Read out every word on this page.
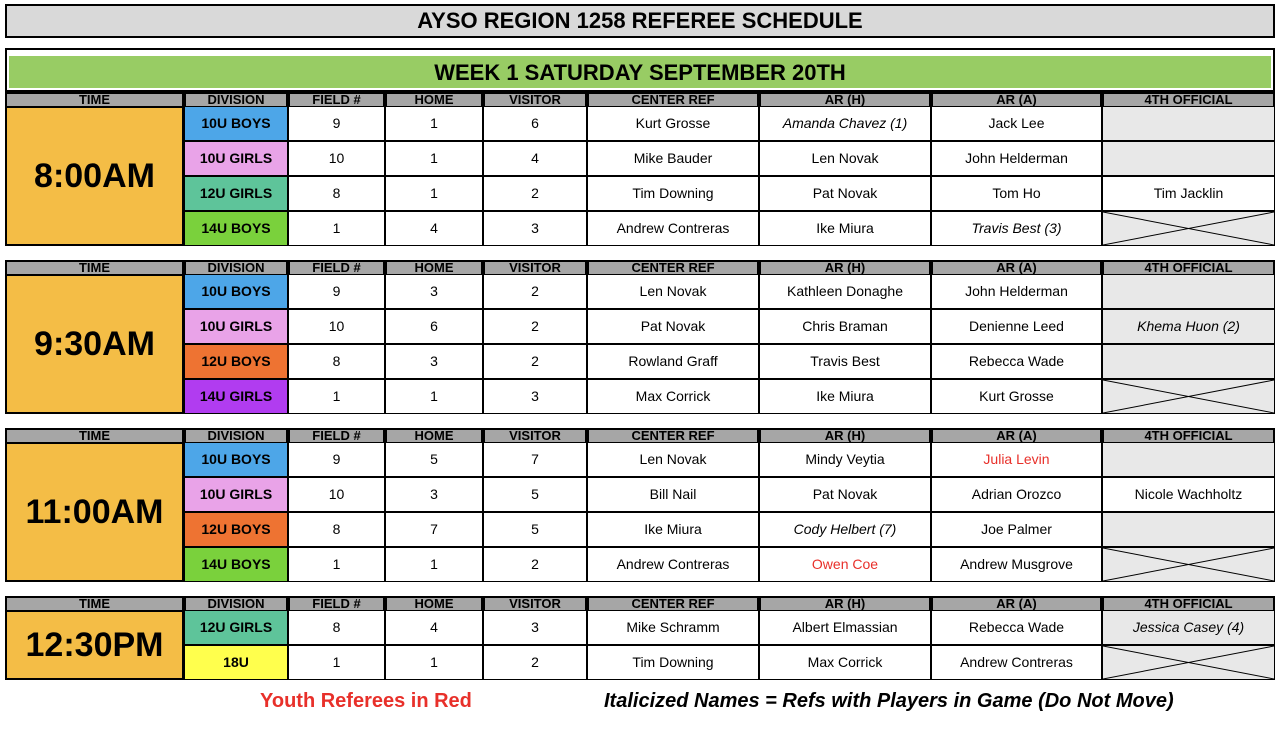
AYSO REGION 1258 REFEREE SCHEDULE
WEEK 1 SATURDAY SEPTEMBER 20TH
TIME	DIVISION	FIELD #	HOME	VISITOR	CENTER REF	AR (H)	AR (A)	4TH OFFICIAL
8:00AM
10U BOYS	9	1	6	Kurt Grosse	Amanda Chavez (1)	Jack Lee
10U GIRLS	10	1	4	Mike Bauder	Len Novak	John Helderman
12U GIRLS	8	1	2	Tim Downing	Pat Novak	Tom Ho	Tim Jacklin
14U BOYS	1	4	3	Andrew Contreras	Ike Miura	Travis Best (3)
TIME	DIVISION	FIELD #	HOME	VISITOR	CENTER REF	AR (H)	AR (A)	4TH OFFICIAL
9:30AM
10U BOYS	9	3	2	Len Novak	Kathleen Donaghe	John Helderman
10U GIRLS	10	6	2	Pat Novak	Chris Braman	Denienne Leed	Khema Huon (2)
12U BOYS	8	3	2	Rowland Graff	Travis Best	Rebecca Wade
14U GIRLS	1	1	3	Max Corrick	Ike Miura	Kurt Grosse
TIME	DIVISION	FIELD #	HOME	VISITOR	CENTER REF	AR (H)	AR (A)	4TH OFFICIAL
11:00AM
10U BOYS	9	5	7	Len Novak	Mindy Veytia	Julia Levin
10U GIRLS	10	3	5	Bill Nail	Pat Novak	Adrian Orozco	Nicole Wachholtz
12U BOYS	8	7	5	Ike Miura	Cody Helbert (7)	Joe Palmer
14U BOYS	1	1	2	Andrew Contreras	Owen Coe	Andrew Musgrove
TIME	DIVISION	FIELD #	HOME	VISITOR	CENTER REF	AR (H)	AR (A)	4TH OFFICIAL
12:30PM	12U GIRLS	8	4	3	Mike Schramm	Albert Elmassian	Rebecca Wade	Jessica Casey (4)
18U	1	1	2	Tim Downing	Max Corrick	Andrew Contreras
Youth Referees in Red	Italicized Names = Refs with Players in Game (Do Not Move)
